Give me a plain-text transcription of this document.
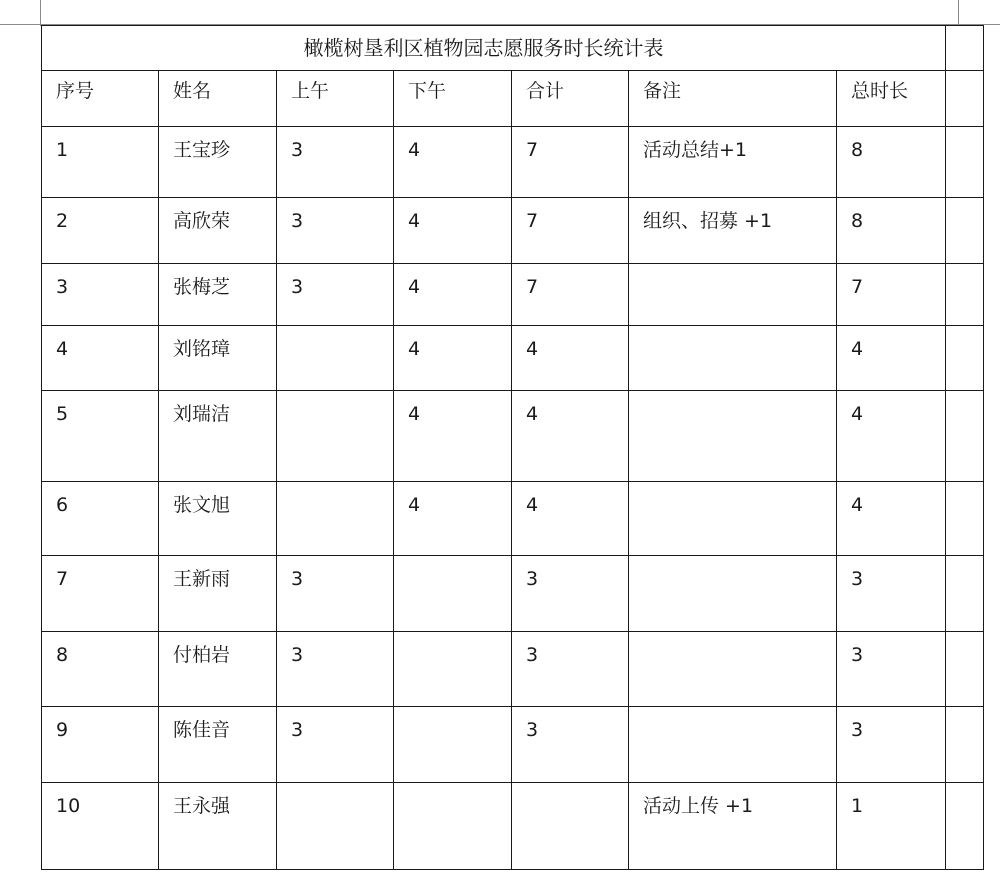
橄榄树垦利区植物园志愿服务时长统计表							
序号	姓名	上午	下午	合计	备注	总时长	
1	王宝珍	3	4	7	活动总结+1	8	
2	高欣荣	3	4	7	组织、招募 +1	8	
3	张梅芝	3	4	7		7	
4	刘铭璋		4	4		4	
5	刘瑞洁		4	4		4	
6	张文旭		4	4		4	
7	王新雨	3		3		3	
8	付柏岩	3		3		3	
9	陈佳音	3		3		3	
10	王永强				活动上传 +1	1	
